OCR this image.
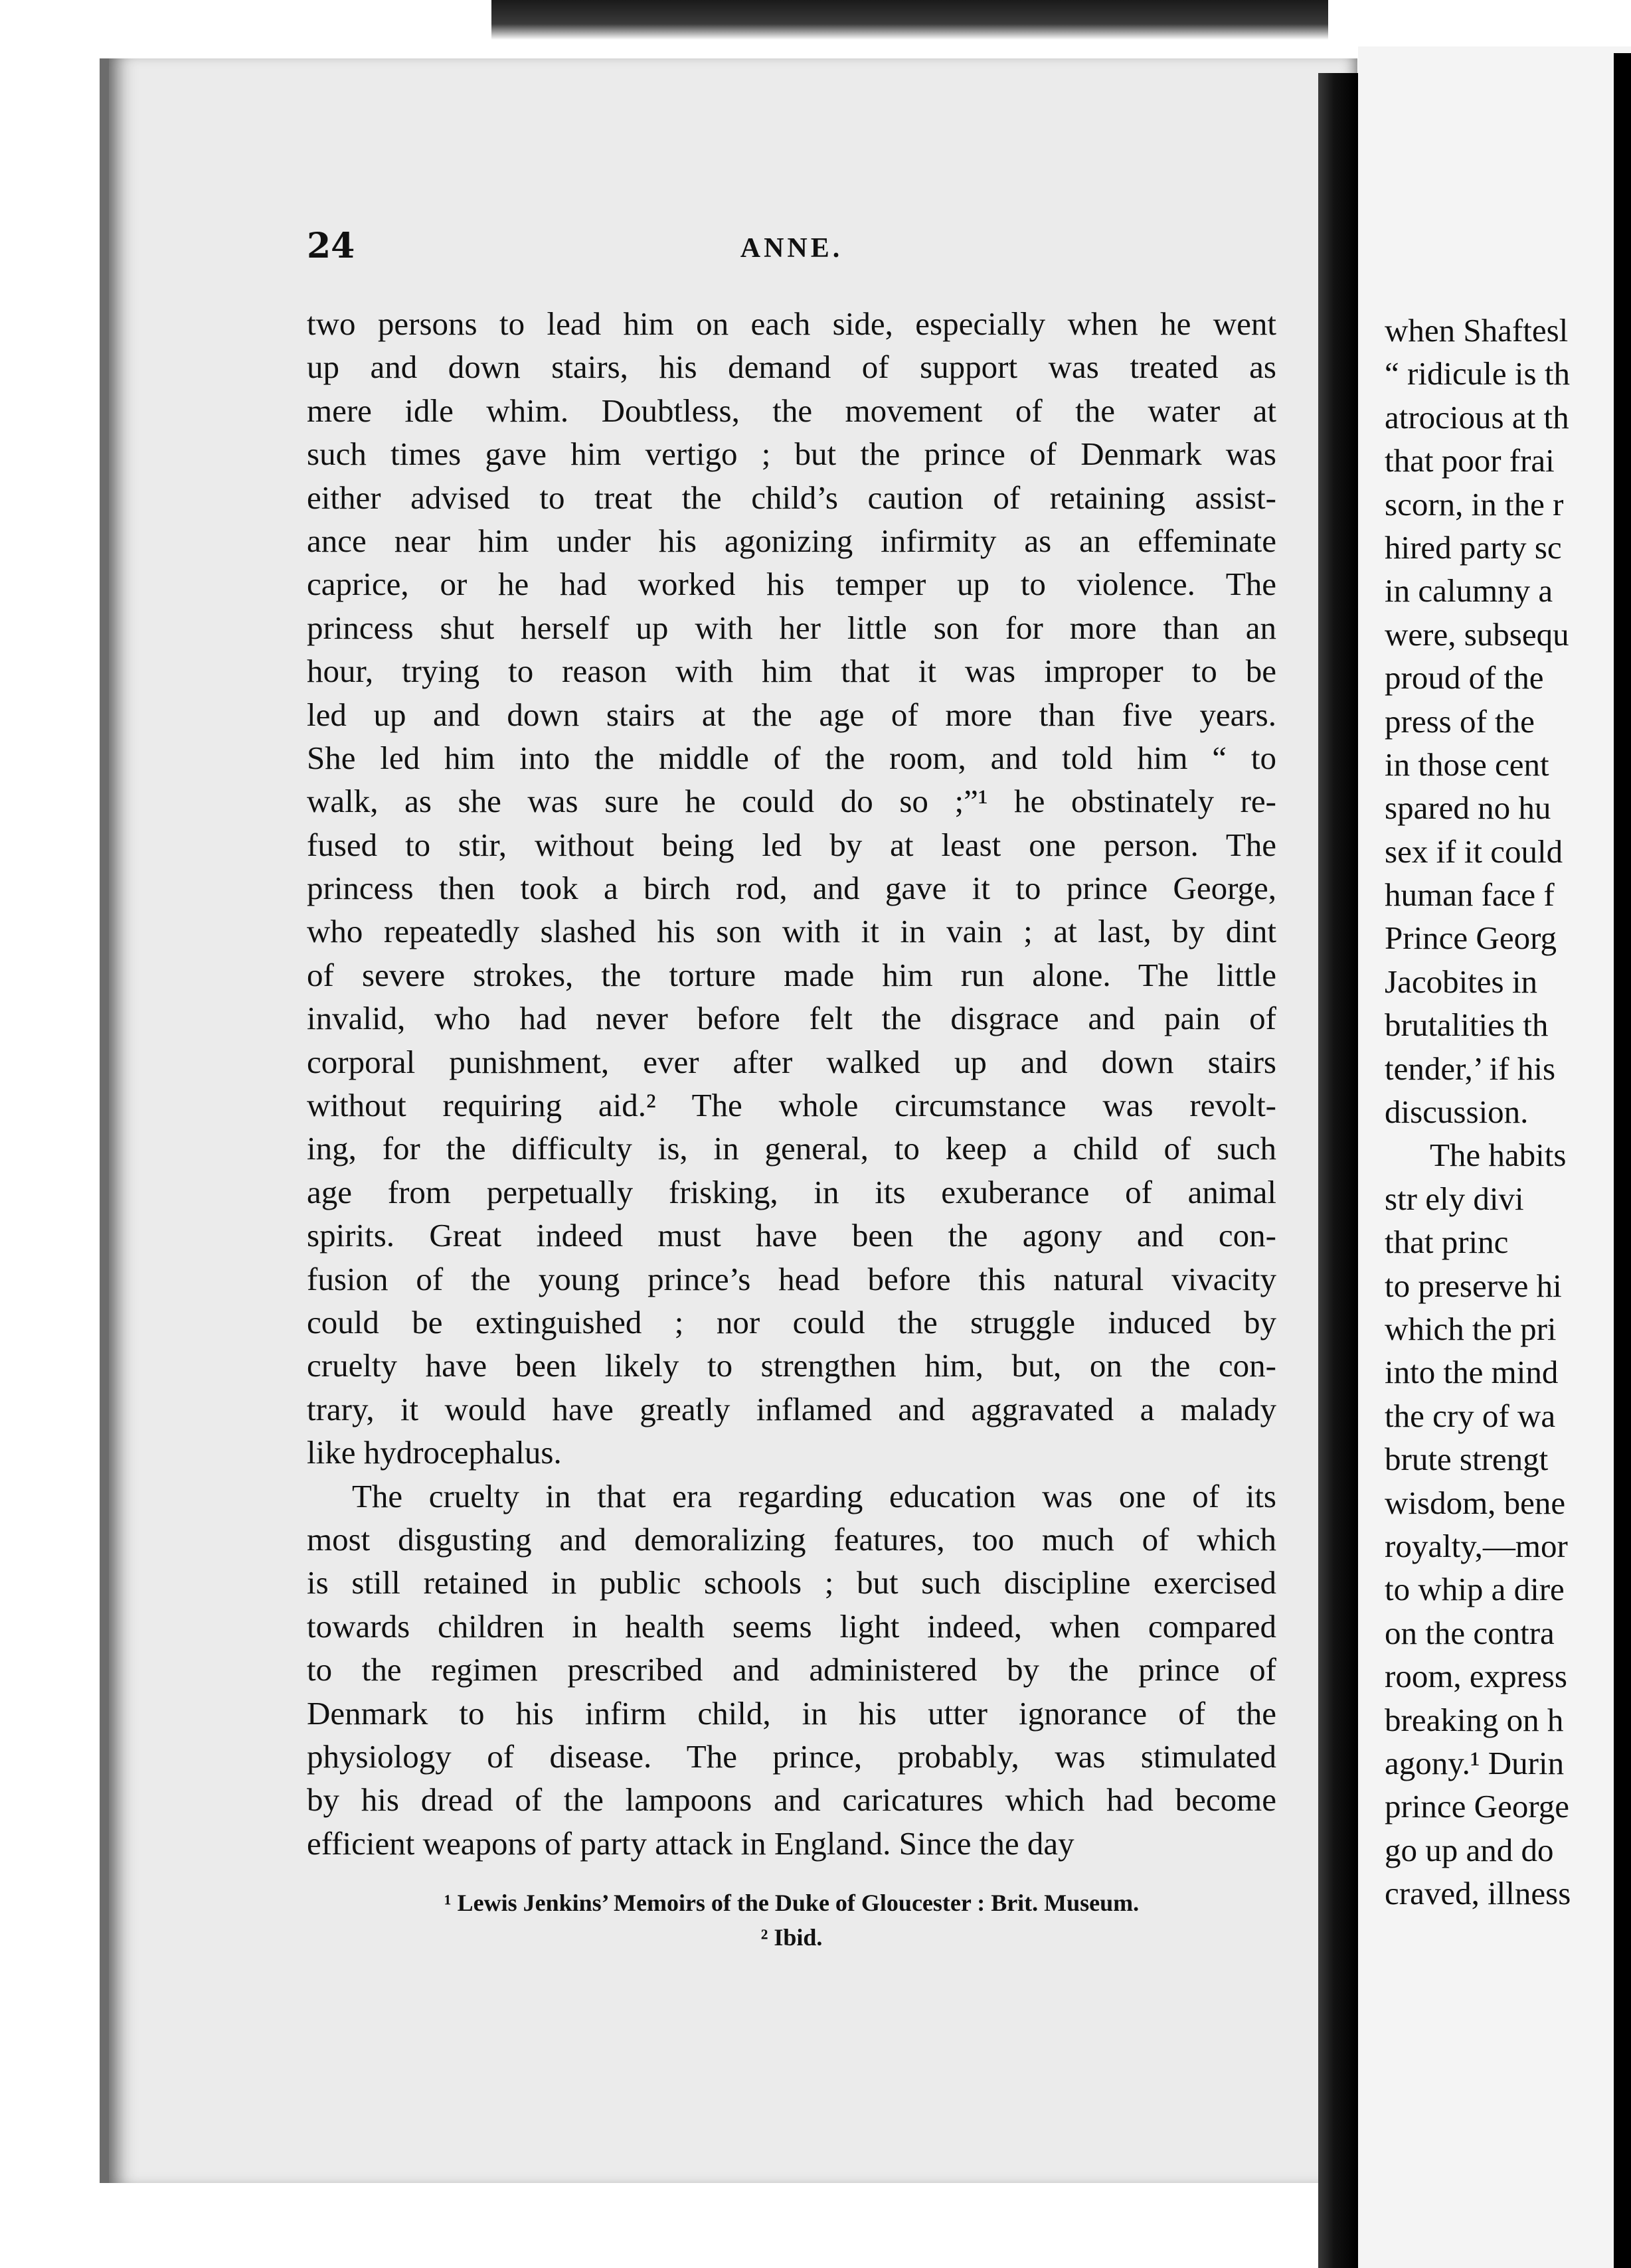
24	ANNE.
two persons to lead him on each side, especially when he went
up and down stairs, his demand of support was treated as
mere idle whim. Doubtless, the movement of the water at
such times gave him vertigo ; but the prince of Denmark was
either advised to treat the child’s caution of retaining assist-
ance near him under his agonizing infirmity as an effeminate
caprice, or he had worked his temper up to violence. The
princess shut herself up with her little son for more than an
hour, trying to reason with him that it was improper to be
led up and down stairs at the age of more than five years.
She led him into the middle of the room, and told him “ to
walk, as she was sure he could do so ;”¹ he obstinately re-
fused to stir, without being led by at least one person. The
princess then took a birch rod, and gave it to prince George,
who repeatedly slashed his son with it in vain ; at last, by dint
of severe strokes, the torture made him run alone. The little
invalid, who had never before felt the disgrace and pain of
corporal punishment, ever after walked up and down stairs
without requiring aid.² The whole circumstance was revolt-
ing, for the difficulty is, in general, to keep a child of such
age from perpetually frisking, in its exuberance of animal
spirits. Great indeed must have been the agony and con-
fusion of the young prince’s head before this natural vivacity
could be extinguished ; nor could the struggle induced by
cruelty have been likely to strengthen him, but, on the con-
trary, it would have greatly inflamed and aggravated a malady
like hydrocephalus.
The cruelty in that era regarding education was one of its
most disgusting and demoralizing features, too much of which
is still retained in public schools ; but such discipline exercised
towards children in health seems light indeed, when compared
to the regimen prescribed and administered by the prince of
Denmark to his infirm child, in his utter ignorance of the
physiology of disease. The prince, probably, was stimulated
by his dread of the lampoons and caricatures which had become
efficient weapons of party attack in England. Since the day
¹ Lewis Jenkins’ Memoirs of the Duke of Gloucester : Brit. Museum.
² Ibid.
when Shaftesl
“ ridicule is th
atrocious at th
that poor frai
scorn, in the r
hired party sc
in calumny a
were, subsequ
proud of the
press of the
in those cent
spared no hu
sex if it could
human face f
Prince Georg
Jacobites in
brutalities th
tender,’ if his
discussion.
The habits
str ely divi
that princ
to preserve hi
which the pri
into the mind
the cry of wa
brute strengt
wisdom, bene
royalty,—mor
to whip a dire
on the contra
room, express
breaking on h
agony.¹ Durin
prince George
go up and do
craved, illness
